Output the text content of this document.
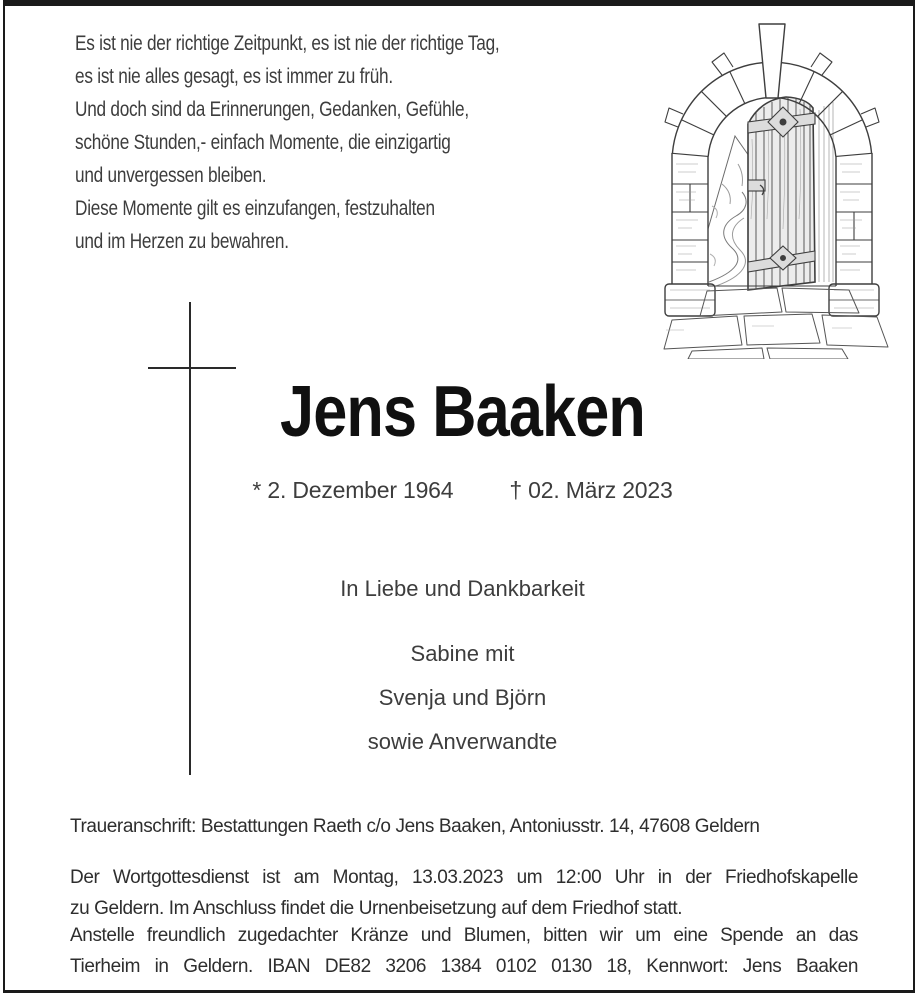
Es ist nie der richtige Zeitpunkt, es ist nie der richtige Tag,
es ist nie alles gesagt, es ist immer zu früh.
Und doch sind da Erinnerungen, Gedanken, Gefühle,
schöne Stunden,- einfach Momente, die einzigartig
und unvergessen bleiben.
Diese Momente gilt es einzufangen, festzuhalten
und im Herzen zu bewahren.
Jens Baaken
* 2. Dezember 1964 † 02. März 2023
In Liebe und Dankbarkeit
Sabine mit
Svenja und Björn
sowie Anverwandte
Traueranschrift: Bestattungen Raeth c/o Jens Baaken, Antoniusstr. 14, 47608 Geldern
Der Wortgottesdienst ist am Montag, 13.03.2023 um 12:00 Uhr in der Friedhofskapelle
zu Geldern. Im Anschluss findet die Urnenbeisetzung auf dem Friedhof statt.
Anstelle freundlich zugedachter Kränze und Blumen, bitten wir um eine Spende an das
Tierheim in Geldern. IBAN DE82 3206 1384 0102 0130 18, Kennwort: Jens Baaken
